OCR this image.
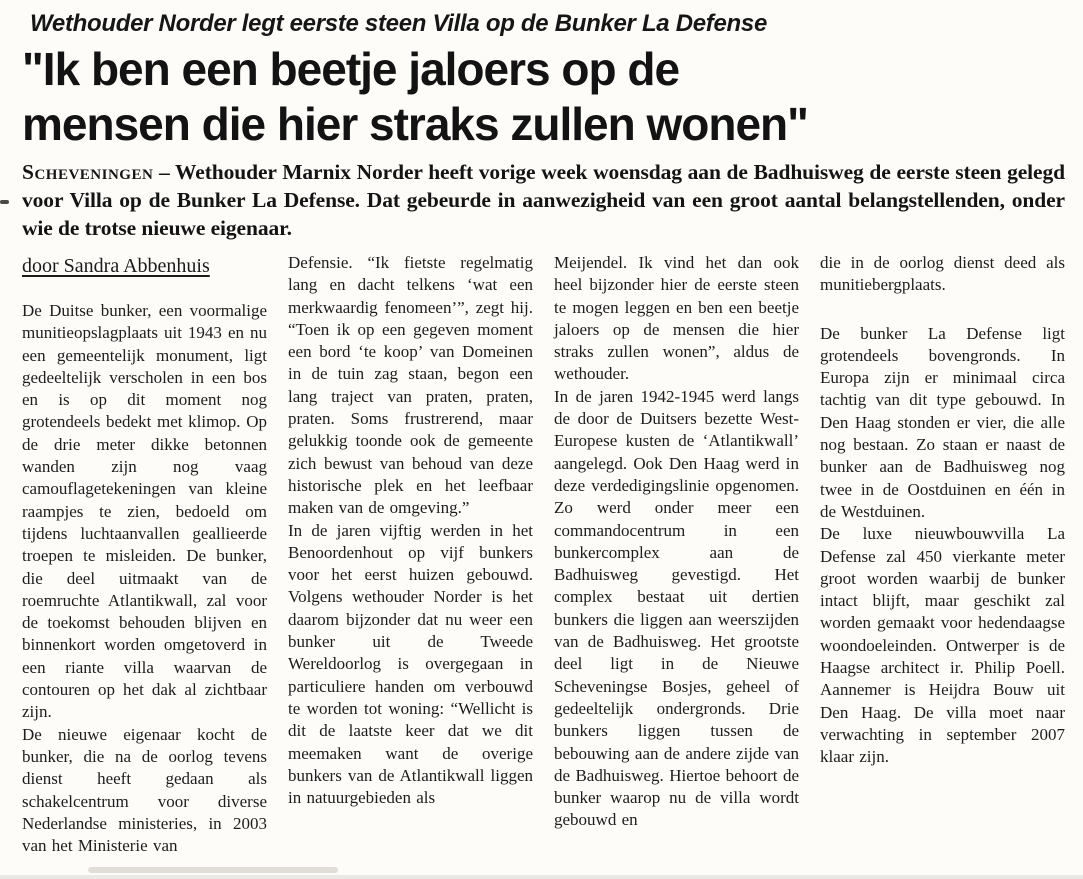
Wethouder Norder legt eerste steen Villa op de Bunker La Defense
"Ik ben een beetje jaloers op de
mensen die hier straks zullen wonen"
Scheveningen – Wethouder Marnix Norder heeft vorige week woensdag aan de Badhuisweg de eerste steen gelegd voor Villa op de Bunker La Defense. Dat gebeurde in aanwezigheid van een groot aantal belangstellenden, onder wie de trotse nieuwe eigenaar.
door Sandra Abbenhuis

De Duitse bunker, een voormalige munitieopslagplaats uit 1943 en nu een gemeentelijk monument, ligt gedeeltelijk verscholen in een bos en is op dit moment nog grotendeels bedekt met klimop. Op de drie meter dikke betonnen wanden zijn nog vaag camouflagetekeningen van kleine raampjes te zien, bedoeld om tijdens luchtaanvallen geallieerde troepen te misleiden. De bunker, die deel uitmaakt van de roemruchte Atlantikwall, zal voor de toekomst behouden blijven en binnenkort worden omgetoverd in een riante villa waarvan de contouren op het dak al zichtbaar zijn.

De nieuwe eigenaar kocht de bunker, die na de oorlog tevens dienst heeft gedaan als schakelcentrum voor diverse Nederlandse ministeries, in 2003 van het Ministerie van

Defensie. “Ik fietste regelmatig lang en dacht telkens ‘wat een merkwaardig fenomeen’”, zegt hij. “Toen ik op een gegeven moment een bord ‘te koop’ van Domeinen in de tuin zag staan, begon een lang traject van praten, praten, praten. Soms frustrerend, maar gelukkig toonde ook de gemeente zich bewust van behoud van deze historische plek en het leefbaar maken van de omgeving.”

In de jaren vijftig werden in het Benoordenhout op vijf bunkers voor het eerst huizen gebouwd. Volgens wethouder Norder is het daarom bijzonder dat nu weer een bunker uit de Tweede Wereldoorlog is overgegaan in particuliere handen om verbouwd te worden tot woning: “Wellicht is dit de laatste keer dat we dit meemaken want de overige bunkers van de Atlantikwall liggen in natuurgebieden als

Meijendel. Ik vind het dan ook heel bijzonder hier de eerste steen te mogen leggen en ben een beetje jaloers op de mensen die hier straks zullen wonen”, aldus de wethouder.

In de jaren 1942-1945 werd langs de door de Duitsers bezette West-Europese kusten de ‘Atlantikwall’ aangelegd. Ook Den Haag werd in deze verdedigingslinie opgenomen. Zo werd onder meer een commandocentrum in een bunkercomplex aan de Badhuisweg gevestigd. Het complex bestaat uit dertien bunkers die liggen aan weerszijden van de Badhuisweg. Het grootste deel ligt in de Nieuwe Scheveningse Bosjes, geheel of gedeeltelijk ondergronds. Drie bunkers liggen tussen de bebouwing aan de andere zijde van de Badhuisweg. Hiertoe behoort de bunker waarop nu de villa wordt gebouwd en

die in de oorlog dienst deed als munitiebergplaats.

De bunker La Defense ligt grotendeels bovengronds. In Europa zijn er minimaal circa tachtig van dit type gebouwd. In Den Haag stonden er vier, die alle nog bestaan. Zo staan er naast de bunker aan de Badhuisweg nog twee in de Oostduinen en één in de Westduinen.

De luxe nieuwbouwvilla La Defense zal 450 vierkante meter groot worden waarbij de bunker intact blijft, maar geschikt zal worden gemaakt voor hedendaagse woondoeleinden. Ontwerper is de Haagse architect ir. Philip Poell. Aannemer is Heijdra Bouw uit Den Haag. De villa moet naar verwachting in september 2007 klaar zijn.
